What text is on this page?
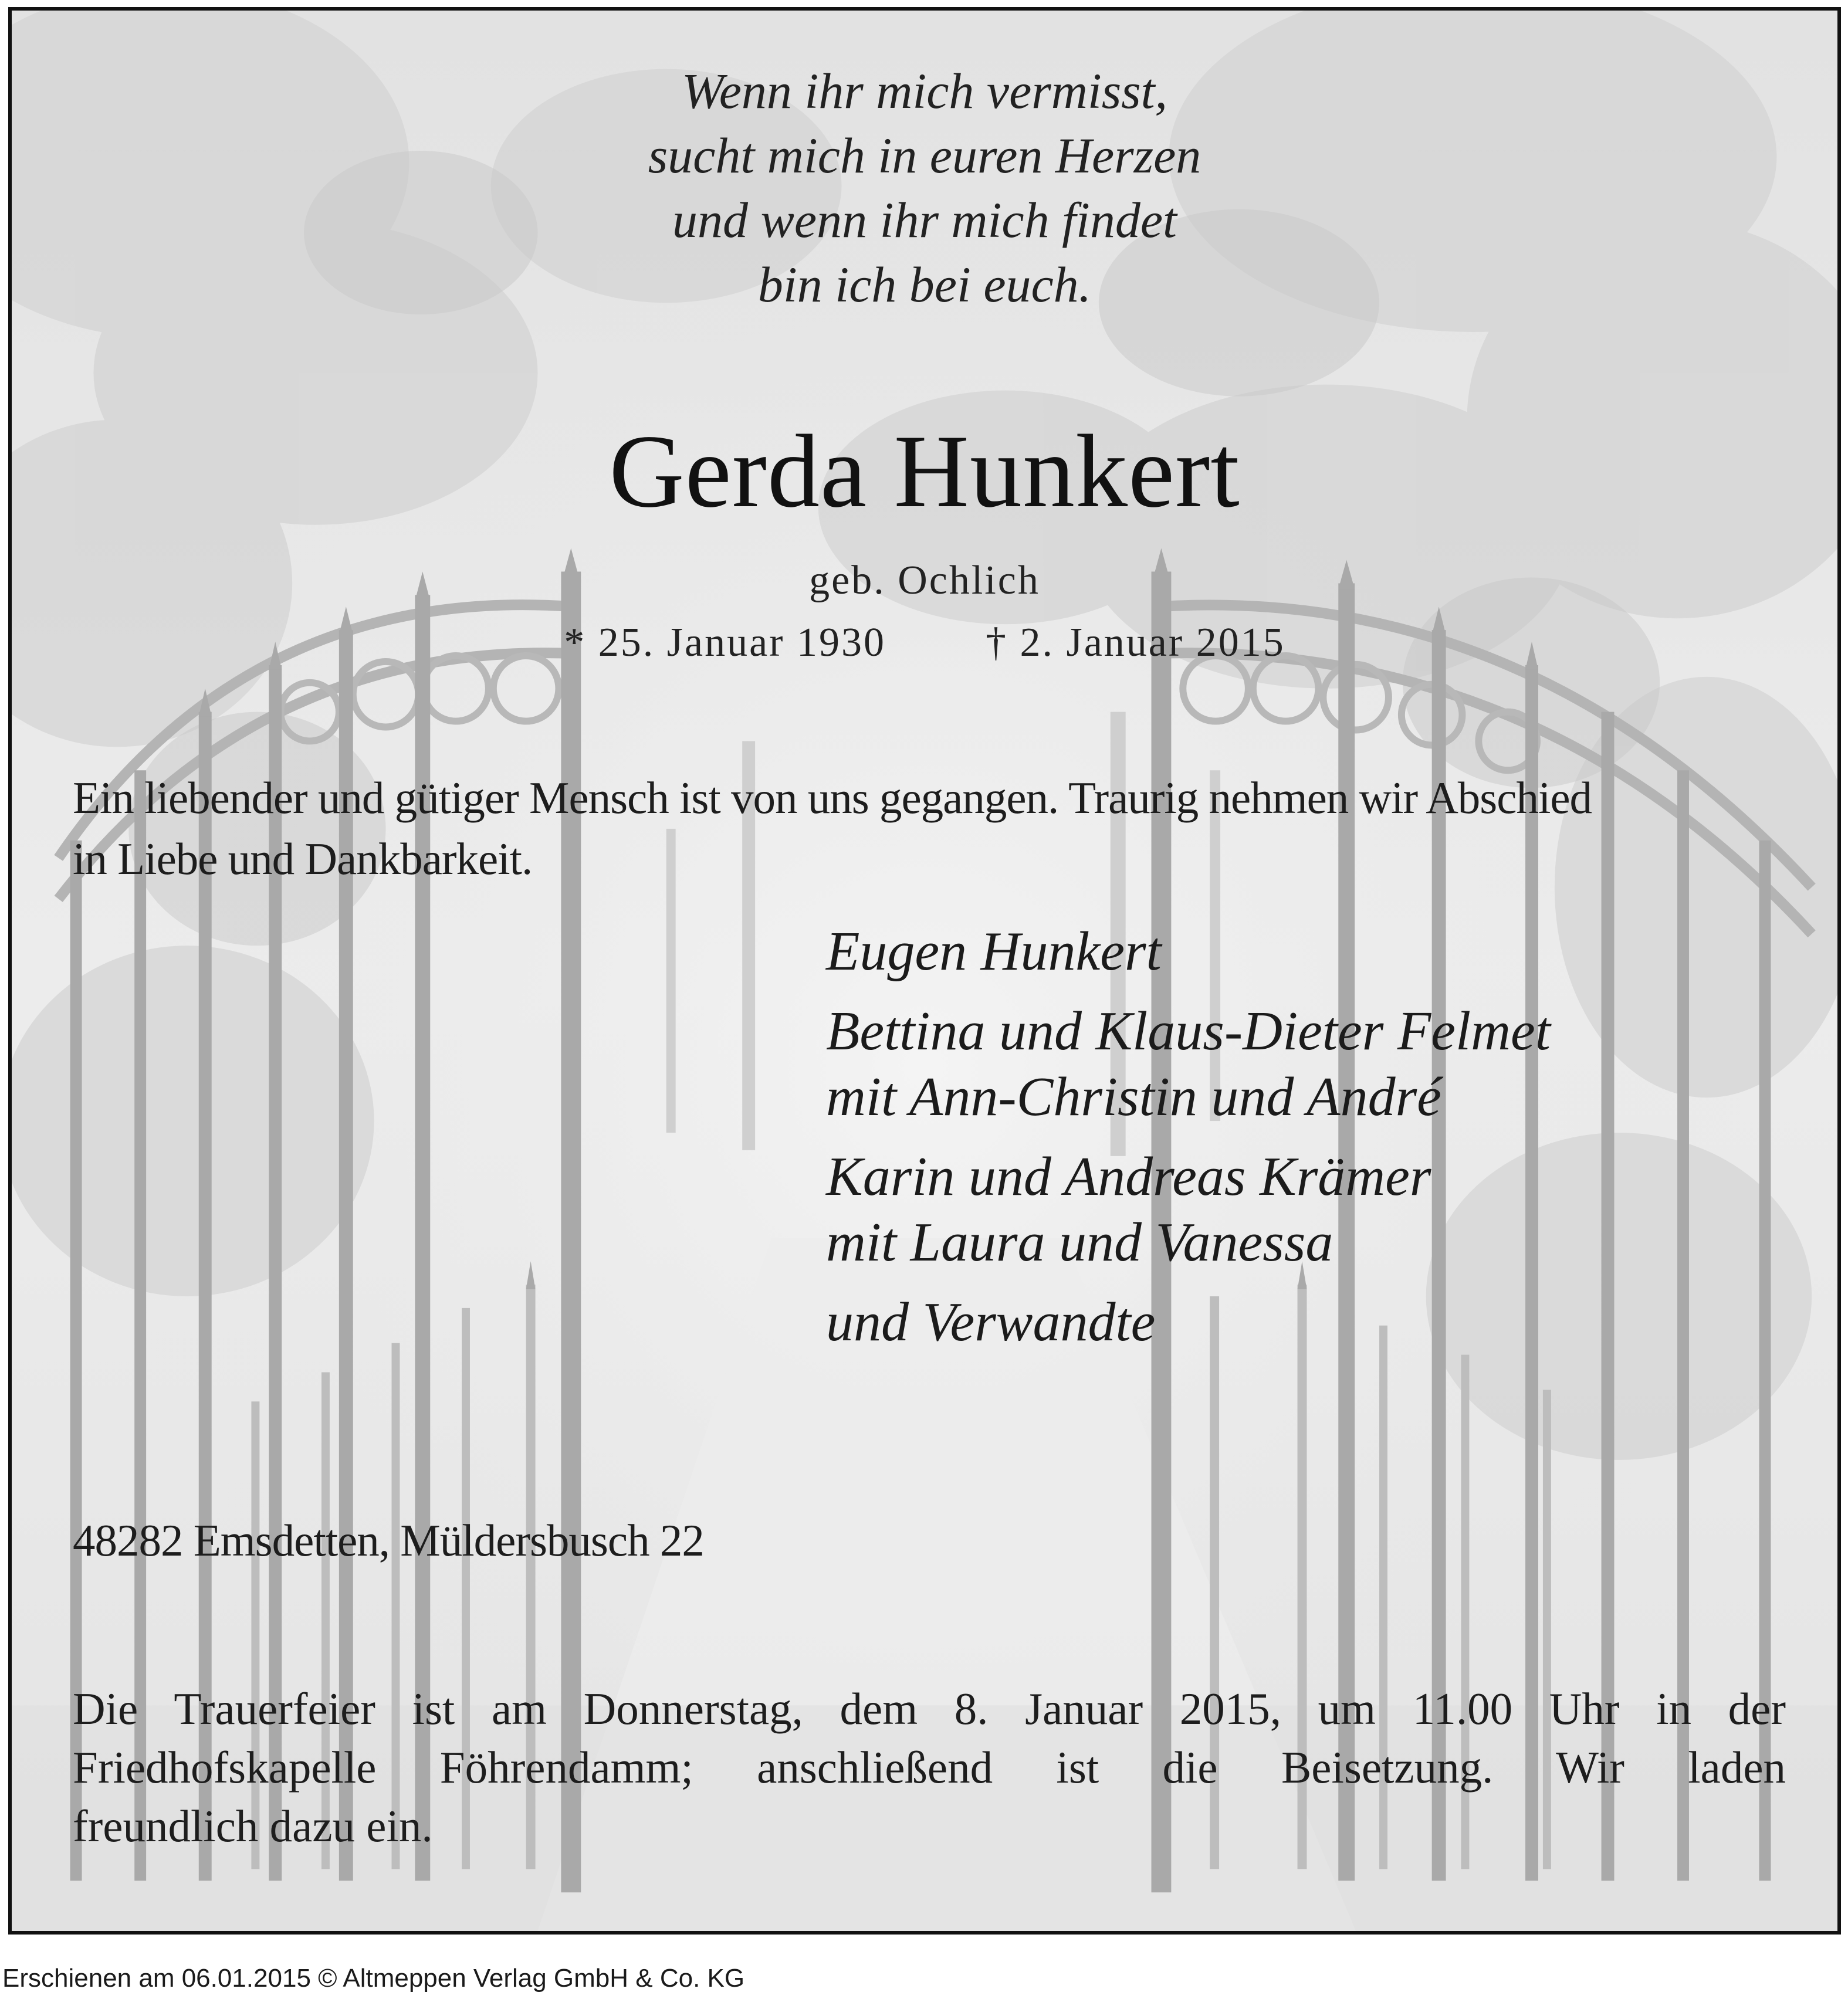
Wenn ihr mich vermisst,
sucht mich in euren Herzen
und wenn ihr mich findet
bin ich bei euch.
Gerda Hunkert
geb. Ochlich
* 25. Januar 1930 † 2. Januar 2015
Ein liebender und gütiger Mensch ist von uns gegangen. Traurig nehmen wir Abschied
in Liebe und Dankbarkeit.
Eugen Hunkert
Bettina und Klaus-Dieter Felmet
mit Ann-Christin und André
Karin und Andreas Krämer
mit Laura und Vanessa
und Verwandte
48282 Emsdetten, Müldersbusch 22
Die Trauerfeier ist am Donnerstag, dem 8. Januar 2015, um 11.00 Uhr in der
Friedhofskapelle Föhrendamm; anschließend ist die Beisetzung. Wir laden
freundlich dazu ein.
Erschienen am 06.01.2015 © Altmeppen Verlag GmbH & Co. KG
